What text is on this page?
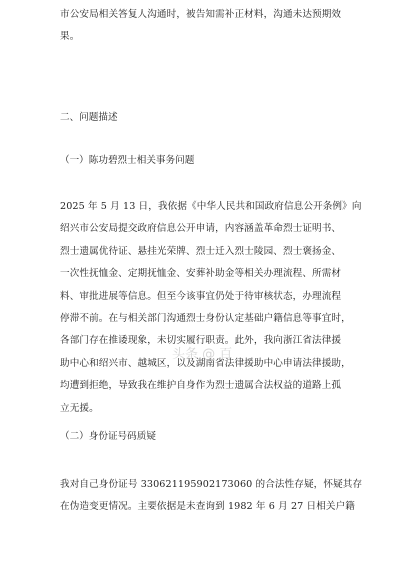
市公安局相关答复人沟通时，被告知需补正材料，沟通未达预期效
果。
二、问题描述
（一）陈功碧烈士相关事务问题
2025 年 5 月 13 日，我依据《中华人民共和国政府信息公开条例》向
绍兴市公安局提交政府信息公开申请，内容涵盖革命烈士证明书、
烈士遗属优待证、悬挂光荣牌、烈士迁入烈士陵园、烈士褒扬金、
一次性抚恤金、定期抚恤金、安葬补助金等相关办理流程、所需材
料、审批进展等信息。但至今该事宜仍处于待审核状态，办理流程
停滞不前。在与相关部门沟通烈士身份认定基础户籍信息等事宜时，
各部门存在推诿现象，未切实履行职责。此外，我向浙江省法律援
助中心和绍兴市、越城区，以及湖南省法律援助中心申请法律援助，
均遭到拒绝，导致我在维护自身作为烈士遗属合法权益的道路上孤
立无援。
（二）身份证号码质疑
我对自己身份证号 330621195902173060 的合法性存疑，怀疑其存
在伪造变更情况。主要依据是未查询到 1982 年 6 月 27 日相关户籍
头条 @ 百
